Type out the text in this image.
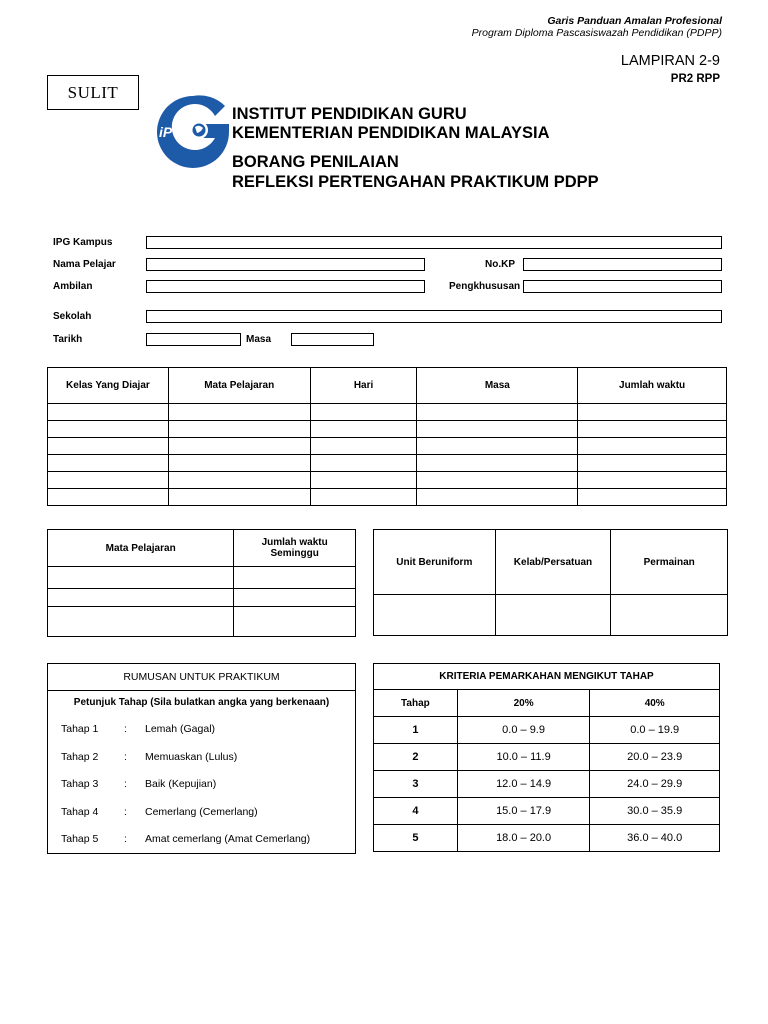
Garis Panduan Amalan Profesional
Program Diploma Pascasiswazah Pendidikan (PDPP)
LAMPIRAN 2-9
PR2 RPP
SULIT
iPG
INSTITUT PENDIDIKAN GURU
KEMENTERIAN PENDIDIKAN MALAYSIA
BORANG PENILAIAN
REFLEKSI PERTENGAHAN PRAKTIKUM PDPP
IPG Kampus
Nama Pelajar	No.KP
Ambilan	Pengkhususan
Sekolah
Tarikh	Masa
Kelas Yang Diajar	Mata Pelajaran	Hari	Masa	Jumlah waktu

Mata Pelajaran	Jumlah waktu
Seminggu

Unit Beruniform	Kelab/Persatuan	Permainan

RUMUSAN UNTUK PRAKTIKUM
Petunjuk Tahap (Sila bulatkan angka yang berkenaan)
Tahap 1 : Lemah (Gagal)
Tahap 2 : Memuaskan (Lulus)
Tahap 3 : Baik (Kepujian)
Tahap 4 : Cemerlang (Cemerlang)
Tahap 5 : Amat cemerlang (Amat Cemerlang)
KRITERIA PEMARKAHAN MENGIKUT TAHAP		
Tahap	20%	40%
1	0.0 – 9.9	0.0 – 19.9
2	10.0 – 11.9	20.0 – 23.9
3	12.0 – 14.9	24.0 – 29.9
4	15.0 – 17.9	30.0 – 35.9
5	18.0 – 20.0	36.0 – 40.0
